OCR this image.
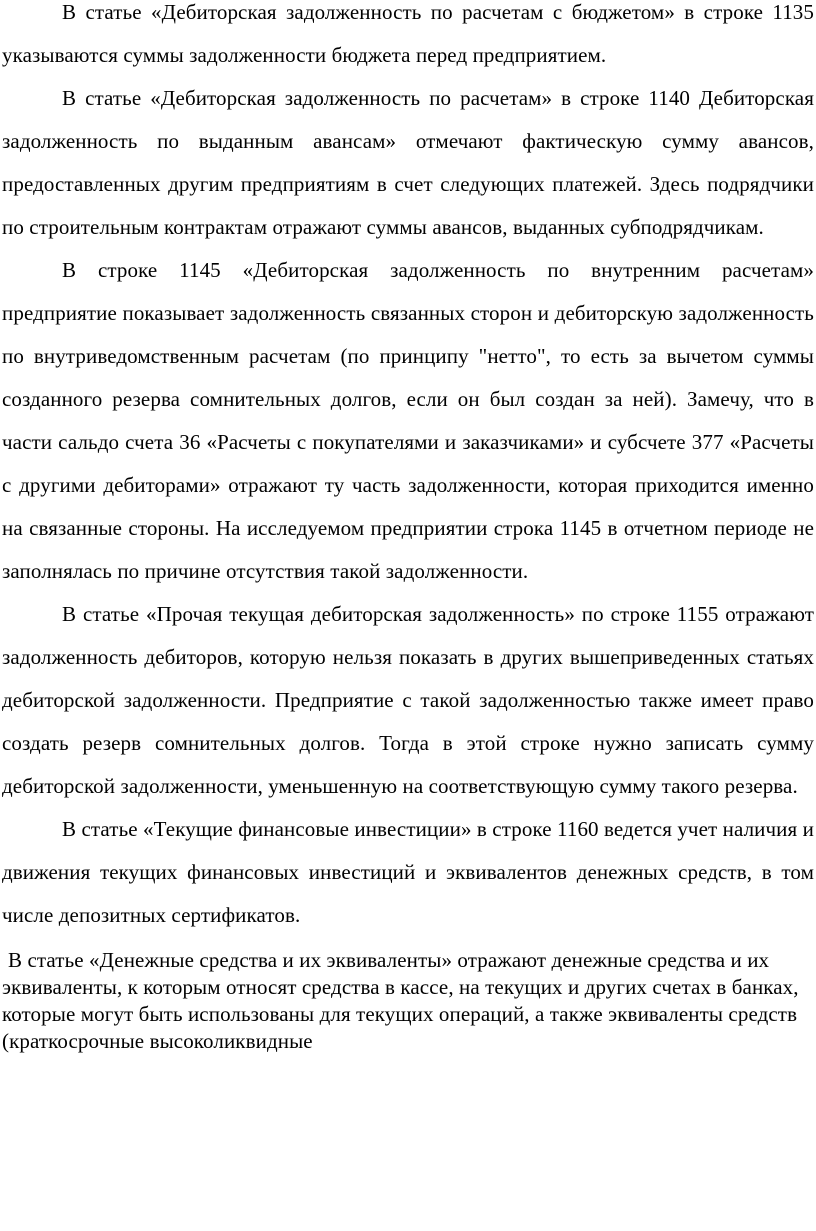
В статье «Дебиторская задолженность по расчетам с бюджетом» в строке 1135 указываются суммы задолженности бюджета перед предприятием.

В статье «Дебиторская задолженность по расчетам» в строке 1140 Дебиторская задолженность по выданным авансам» отмечают фактическую сумму авансов, предоставленных другим предприятиям в счет следующих платежей. Здесь подрядчики по строительным контрактам отражают суммы авансов, выданных субподрядчикам.

В строке 1145 «Дебиторская задолженность по внутренним расчетам» предприятие показывает задолженность связанных сторон и дебиторскую задолженность по внутриведомственным расчетам (по принципу "нетто", то есть за вычетом суммы созданного резерва сомнительных долгов, если он был создан за ней). Замечу, что в части сальдо счета 36 «Расчеты с покупателями и заказчиками» и субсчете 377 «Расчеты с другими дебиторами» отражают ту часть задолженности, которая приходится именно на связанные стороны. На исследуемом предприятии строка 1145 в отчетном периоде не заполнялась по причине отсутствия такой задолженности.

В статье «Прочая текущая дебиторская задолженность» по строке 1155 отражают задолженность дебиторов, которую нельзя показать в других вышеприведенных статьях дебиторской задолженности. Предприятие с такой задолженностью также имеет право создать резерв сомнительных долгов. Тогда в этой строке нужно записать сумму дебиторской задолженности, уменьшенную на соответствующую сумму такого резерва.

В статье «Текущие финансовые инвестиции» в строке 1160 ведется учет наличия и движения текущих финансовых инвестиций и эквивалентов денежных средств, в том числе депозитных сертификатов.

В статье «Денежные средства и их эквиваленты» отражают денежные средства и их эквиваленты, к которым относят средства в кассе, на текущих и других счетах в банках, которые могут быть использованы для текущих операций, а также эквиваленты средств (краткосрочные высоколиквидные
